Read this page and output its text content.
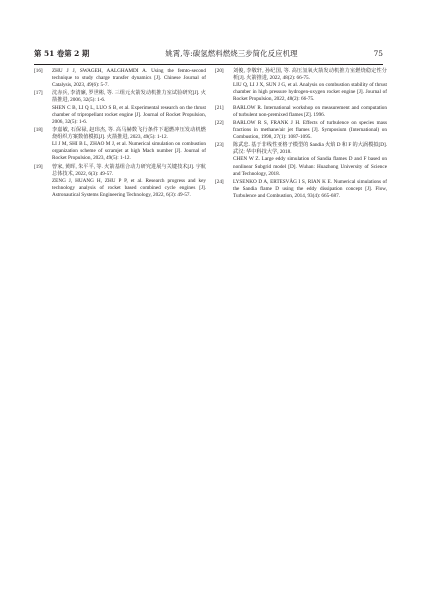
第 51 卷第 2 期	姚霄,等:碳氢燃料燃烧三步简化反应机理	75
[16]	ZHU J J, SWAGEH, AALGHAMDI A. Using the femto-second technique to study charge transfer dynamics [J]. Chinese Journal of Catalysis, 2023, 49(6): 5-7.

[17]	沈赤兵, 李清廉, 罗世彬, 等. 三组元火箭发动机推力室试验研究[J]. 火箭推进, 2006, 32(5): 1-6.

SHEN C B, LI Q L, LUO S B, et al. Experimental research on the thrust chamber of tripropellant rocket engine [J]. Journal of Rocket Propulsion, 2006, 32(5): 1-6.

[18]	李嘉敏, 石保禄, 赵玮杰, 等. 高马赫数飞行条件下超燃冲压发动机燃烧组织方案数值模拟[J]. 火箭推进, 2023, 49(5): 1-12.

LI J M, SHI B L, ZHAO M J, et al. Numerical simulation on combustion organization scheme of scramjet at high Mach number [J]. Journal of Rocket Propulsion, 2023, 49(5): 1-12.

[19]	曾家, 黄晖, 朱平平, 等. 火箭基组合动力研究进展与关键技术[J]. 宇航总体技术, 2022, 6(3): 49-57.

ZENG J, HUANG H, ZHU P P, et al. Research progress and key technology analysis of rocket based combined cycle engines [J]. Astronautical Systems Engineering Technology, 2022, 6(3): 49-57.

[20]	刘俊, 李敬轩, 孙纪国, 等. 高压氢氧火箭发动机推力室燃烧稳定性分析[J]. 火箭推进, 2022, 48(2): 66-75.

LIU Q, LI J X, SUN J G, et al. Analysis on combustion stability of thrust chamber in high pressure hydrogen-oxygen rocket engine [J]. Journal of Rocket Propulsion, 2022, 48(2): 66-75.

[21]	BARLOW R. International workshop on measurement and computation of turbulent non-premixed flames [Z]. 1996.

[22]	BARLOW R S, FRANK J H. Effects of turbulence on species mass fractions in methane/air jet flames [J]. Symposium (International) on Combustion, 1998, 27(1): 1087-1095.

[23]	陈武忠. 基于非线性亚格子模型的 Sandia 火焰 D 和 F 的大涡模拟[D]. 武汉: 华中科技大学, 2018.

CHEN W Z. Large eddy simulation of Sandia flames D and F based on nonlinear Subgrid model [D]. Wuhan: Huazhong University of Science and Technology, 2018.

[24]	LYSENKO D A, ERTESVÅG I S, RIAN K E. Numerical simulations of the Sandia flame D using the eddy dissipation concept [J]. Flow, Turbulence and Combustion, 2014, 93(4): 665-687.
